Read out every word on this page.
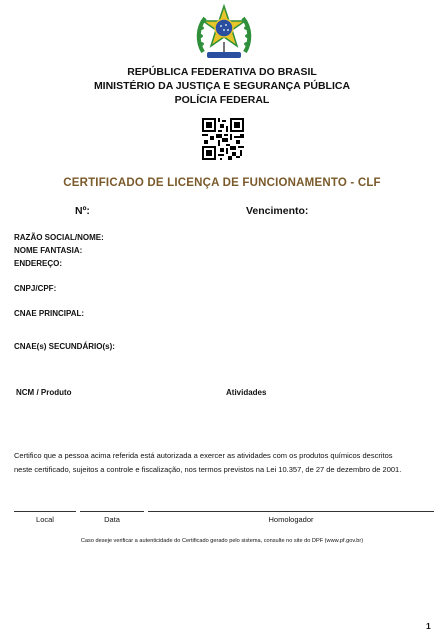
REPÚBLICA FEDERATIVA DO BRASIL
MINISTÉRIO DA JUSTIÇA E SEGURANÇA PÚBLICA
POLÍCIA FEDERAL
CERTIFICADO DE LICENÇA DE FUNCIONAMENTO - CLF
Nº:	Vencimento:
RAZÃO SOCIAL/NOME:
NOME FANTASIA:
ENDEREÇO:
CNPJ/CPF:
CNAE PRINCIPAL:
CNAE(s) SECUNDÁRIO(s):
NCM / Produto	Atividades
Certifico que a pessoa acima referida está autorizada a exercer as atividades com os produtos químicos descritos
neste certificado, sujeitos a controle e fiscalização, nos termos previstos na Lei 10.357, de 27 de dezembro de 2001.
Local	Data	Homologador
Caso deseje verificar a autenticidade do Certificado gerado pelo sistema, consulte no site do DPF (www.pf.gov.br)
1
